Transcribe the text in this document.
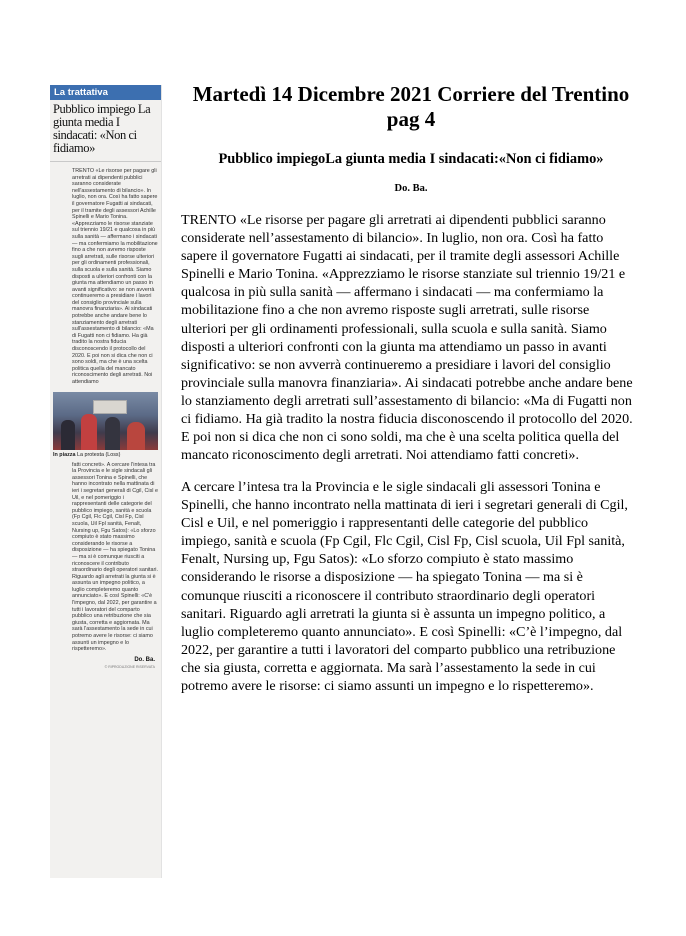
La trattativa
Pubblico impiego La giunta media I sindacati: «Non ci fidiamo»
TRENTO «Le risorse per pagare gli arretrati ai dipendenti pubblici saranno considerate nell'assestamento di bilancio». In luglio, non ora. Così ha fatto sapere il governatore Fugatti ai sindacati, per il tramite degli assessori Achille Spinelli e Mario Tonina. «Apprezziamo le risorse stanziate sul triennio 19/21 e qualcosa in più sulla sanità — affermano i sindacati — ma confermiamo la mobilitazione fino a che non avremo risposte sugli arretrati, sulle risorse ulteriori per gli ordinamenti professionali, sulla scuola e sulla sanità. Siamo disposti a ulteriori confronti con la giunta ma attendiamo un passo in avanti significativo: se non avverrà continueremo a presidiare i lavori del consiglio provinciale sulla manovra finanziaria». Ai sindacati potrebbe anche andare bene lo stanziamento degli arretrati sull'assestamento di bilancio: «Ma di Fugatti non ci fidiamo. Ha già tradito la nostra fiducia disconoscendo il protocollo del 2020. E poi non si dica che non ci sono soldi, ma che è una scelta politica quella del mancato riconoscimento degli arretrati. Noi attendiamo
In piazza La protesta (Loss)
fatti concreti». A cercare l'intesa tra la Provincia e le sigle sindacali gli assessori Tonina e Spinelli, che hanno incontrato nella mattinata di ieri i segretari generali di Cgil, Cisl e Uil, e nel pomeriggio i rappresentanti delle categorie del pubblico impiego, sanità e scuola (Fp Cgil, Flc Cgil, Cisl Fp, Cisl scuola, Uil Fpl sanità, Fenalt, Nursing up, Fgu Satos): «Lo sforzo compiuto è stato massimo considerando le risorse a disposizione — ha spiegato Tonina — ma si è comunque riusciti a riconoscere il contributo straordinario degli operatori sanitari. Riguardo agli arretrati la giunta si è assunta un impegno politico, a luglio completeremo quanto annunciato». E così Spinelli: «C'è l'impegno, dal 2022, per garantire a tutti i lavoratori del comparto pubblico una retribuzione che sia giusta, corretta e aggiornata. Ma sarà l'assestamento la sede in cui potremo avere le risorse: ci siamo assunti un impegno e lo rispetteremo».
Do. Ba.
© RIPRODUZIONE RISERVATA
Martedì 14 Dicembre 2021 Corriere del Trentino pag 4
Pubblico impiegoLa giunta media I sindacati:«Non ci fidiamo»
Do. Ba.
TRENTO «Le risorse per pagare gli arretrati ai dipendenti pubblici saranno considerate nell’assestamento di bilancio». In luglio, non ora. Così ha fatto sapere il governatore Fugatti ai sindacati, per il tramite degli assessori Achille Spinelli e Mario Tonina. «Apprezziamo le risorse stanziate sul triennio 19/21 e qualcosa in più sulla sanità — affermano i sindacati — ma confermiamo la mobilitazione fino a che non avremo risposte sugli arretrati, sulle risorse ulteriori per gli ordinamenti professionali, sulla scuola e sulla sanità. Siamo disposti a ulteriori confronti con la giunta ma attendiamo un passo in avanti significativo: se non avverrà continueremo a presidiare i lavori del consiglio provinciale sulla manovra finanziaria». Ai sindacati potrebbe anche andare bene lo stanziamento degli arretrati sull’assestamento di bilancio: «Ma di Fugatti non ci fidiamo. Ha già tradito la nostra fiducia disconoscendo il protocollo del 2020. E poi non si dica che non ci sono soldi, ma che è una scelta politica quella del mancato riconoscimento degli arretrati. Noi attendiamo fatti concreti».
A cercare l’intesa tra la Provincia e le sigle sindacali gli assessori Tonina e Spinelli, che hanno incontrato nella mattinata di ieri i segretari generali di Cgil, Cisl e Uil, e nel pomeriggio i rappresentanti delle categorie del pubblico impiego, sanità e scuola (Fp Cgil, Flc Cgil, Cisl Fp, Cisl scuola, Uil Fpl sanità, Fenalt, Nursing up, Fgu Satos): «Lo sforzo compiuto è stato massimo considerando le risorse a disposizione — ha spiegato Tonina — ma si è comunque riusciti a riconoscere il contributo straordinario degli operatori sanitari. Riguardo agli arretrati la giunta si è assunta un impegno politico, a luglio completeremo quanto annunciato». E così Spinelli: «C’è l’impegno, dal 2022, per garantire a tutti i lavoratori del comparto pubblico una retribuzione che sia giusta, corretta e aggiornata. Ma sarà l’assestamento la sede in cui potremo avere le risorse: ci siamo assunti un impegno e lo rispetteremo».
